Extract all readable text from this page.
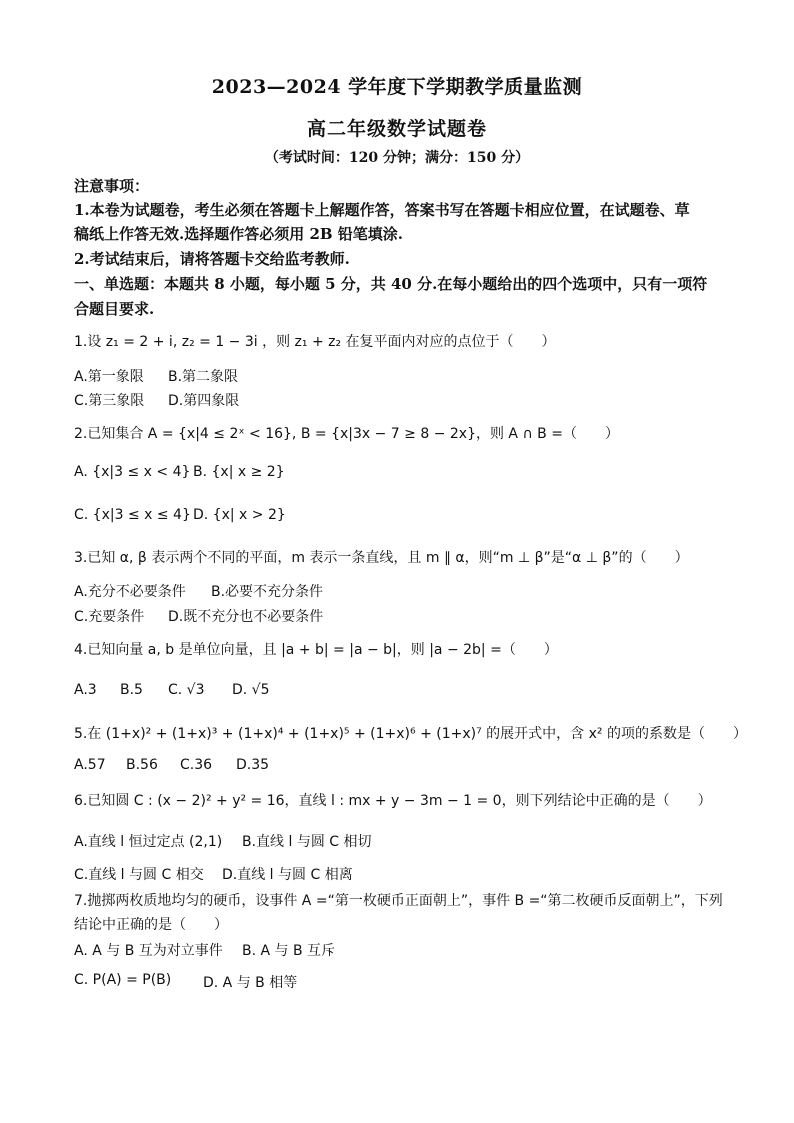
2023—2024 学年度下学期教学质量监测
高二年级数学试题卷
（考试时间：120 分钟；满分：150 分）
注意事项：
1.本卷为试题卷，考生必须在答题卡上解题作答，答案书写在答题卡相应位置，在试题卷、草
稿纸上作答无效.选择题作答必须用 2B 铅笔填涂.
2.考试结束后，请将答题卡交给监考教师.
一、单选题：本题共 8 小题，每小题 5 分，共 40 分.在每小题给出的四个选项中，只有一项符
合题目要求.
1.设 z₁ = 2 + i, z₂ = 1 − 3i ，则 z₁ + z₂ 在复平面内对应的点位于（　　）
A.第一象限 B.第二象限
C.第三象限 D.第四象限
2.已知集合 A = {x|4 ≤ 2ˣ < 16}, B = {x|3x − 7 ≥ 8 − 2x}，则 A ∩ B =（　　）
A. {x|3 ≤ x < 4} B. {x| x ≥ 2}
C. {x|3 ≤ x ≤ 4} D. {x| x > 2}
3.已知 α, β 表示两个不同的平面，m 表示一条直线，且 m ∥ α，则“m ⊥ β”是“α ⊥ β”的（　　）
A.充分不必要条件 B.必要不充分条件
C.充要条件 D.既不充分也不必要条件
4.已知向量 a, b 是单位向量，且 |a + b| = |a − b|，则 |a − 2b| =（　　）
A.3 B.5 C. √3 D. √5
5.在 (1+x)² + (1+x)³ + (1+x)⁴ + (1+x)⁵ + (1+x)⁶ + (1+x)⁷ 的展开式中，含 x² 的项的系数是（　　）
A.57 B.56 C.36 D.35
6.已知圆 C : (x − 2)² + y² = 16，直线 l : mx + y − 3m − 1 = 0，则下列结论中正确的是（　　）
A.直线 l 恒过定点 (2,1) B.直线 l 与圆 C 相切
C.直线 l 与圆 C 相交 D.直线 l 与圆 C 相离
7.抛掷两枚质地均匀的硬币，设事件 A =“第一枚硬币正面朝上”，事件 B =“第二枚硬币反面朝上”，下列
结论中正确的是（　　）
A. A 与 B 互为对立事件 B. A 与 B 互斥
C. P(A) = P(B) D. A 与 B 相等
